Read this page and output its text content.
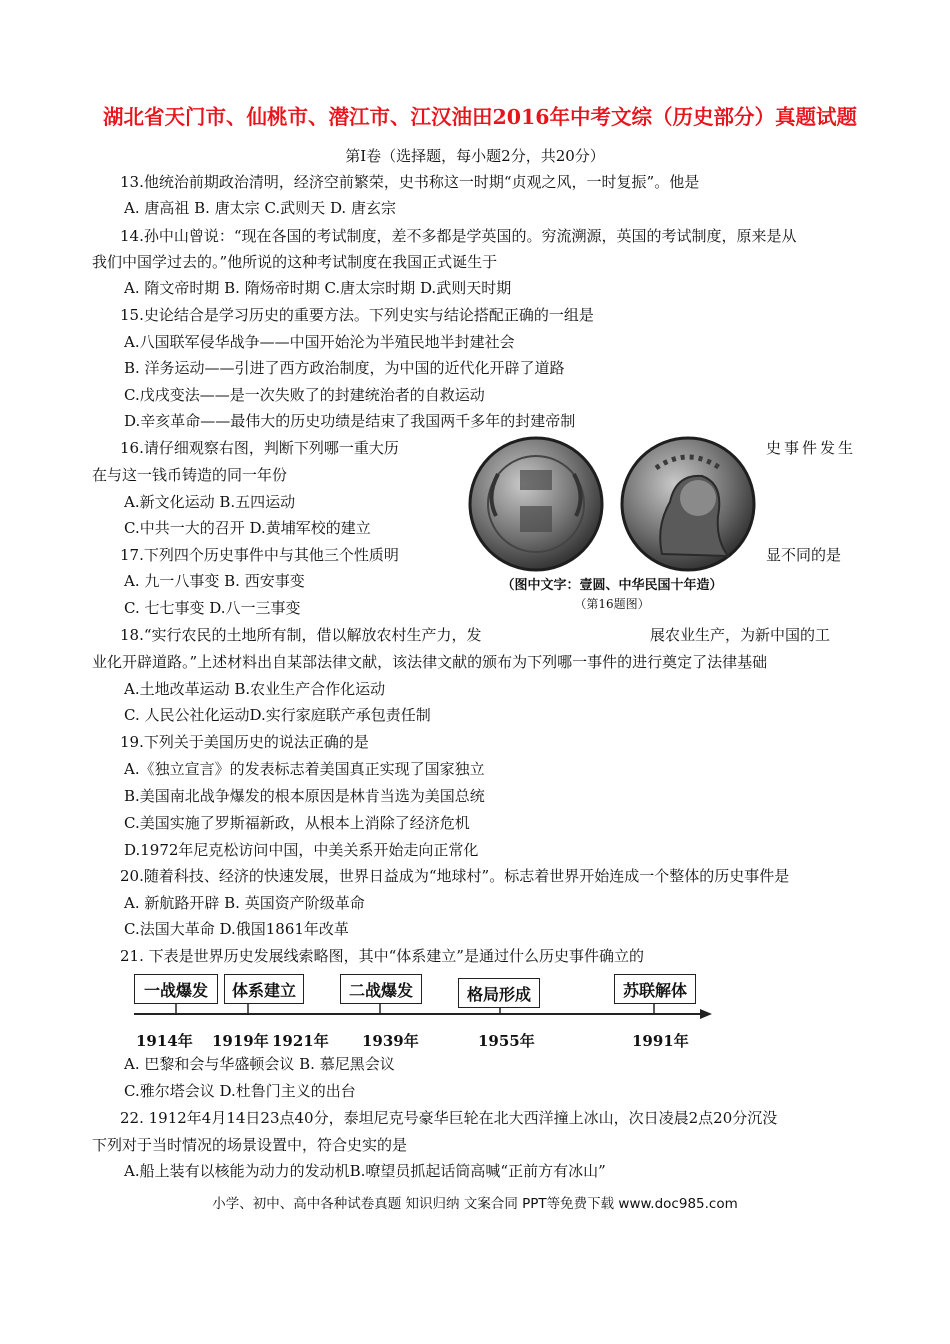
湖北省天门市、仙桃市、潜江市、江汉油田2016年中考文综（历史部分）真题试题
第Ⅰ卷（选择题，每小题2分，共20分）
13.他统治前期政治清明，经济空前繁荣，史书称这一时期“贞观之风，一时复振”。他是
A. 唐高祖 B. 唐太宗 C.武则天 D. 唐玄宗
14.孙中山曾说：“现在各国的考试制度，差不多都是学英国的。穷流溯源，英国的考试制度，原来是从
我们中国学过去的。”他所说的这种考试制度在我国正式诞生于
A. 隋文帝时期 B. 隋炀帝时期 C.唐太宗时期 D.武则天时期
15.史论结合是学习历史的重要方法。下列史实与结论搭配正确的一组是
A.八国联军侵华战争——中国开始沦为半殖民地半封建社会
B. 洋务运动——引进了西方政治制度，为中国的近代化开辟了道路
C.戊戌变法——是一次失败了的封建统治者的自救运动
D.辛亥革命——最伟大的历史功绩是结束了我国两千多年的封建帝制
16.请仔细观察右图，判断下列哪一重大历	史事件发生
在与这一钱币铸造的同一年份
A.新文化运动 B.五四运动
C.中共一大的召开 D.黄埔军校的建立
17.下列四个历史事件中与其他三个性质明	显不同的是
A. 九一八事变 B. 西安事变
C. 七七事变 D.八一三事变
（图中文字：壹圆、中华民国十年造）
（第16题图）
18.“实行农民的土地所有制，借以解放农村生产力，发	展农业生产，为新中国的工
业化开辟道路。”上述材料出自某部法律文献，该法律文献的颁布为下列哪一事件的进行奠定了法律基础
A.土地改革运动 B.农业生产合作化运动
C. 人民公社化运动D.实行家庭联产承包责任制
19.下列关于美国历史的说法正确的是
A.《独立宣言》的发表标志着美国真正实现了国家独立
B.美国南北战争爆发的根本原因是林肯当选为美国总统
C.美国实施了罗斯福新政，从根本上消除了经济危机
D.1972年尼克松访问中国，中美关系开始走向正常化
20.随着科技、经济的快速发展，世界日益成为“地球村”。标志着世界开始连成一个整体的历史事件是
A. 新航路开辟 B. 英国资产阶级革命
C.法国大革命 D.俄国1861年改革
21. 下表是世界历史发展线索略图，其中“体系建立”是通过什么历史事件确立的
一战爆发	体系建立	二战爆发	格局形成	苏联解体
1914年 1919年 1921年 1939年	1955年	1991年
A. 巴黎和会与华盛顿会议 B. 慕尼黑会议
C.雅尔塔会议 D.杜鲁门主义的出台
22. 1912年4月14日23点40分，泰坦尼克号豪华巨轮在北大西洋撞上冰山，次日凌晨2点20分沉没
下列对于当时情况的场景设置中，符合史实的是
A.船上装有以核能为动力的发动机B.嘹望员抓起话筒高喊“正前方有冰山”
小学、初中、高中各种试卷真题 知识归纳 文案合同 PPT等免费下载 www.doc985.com
